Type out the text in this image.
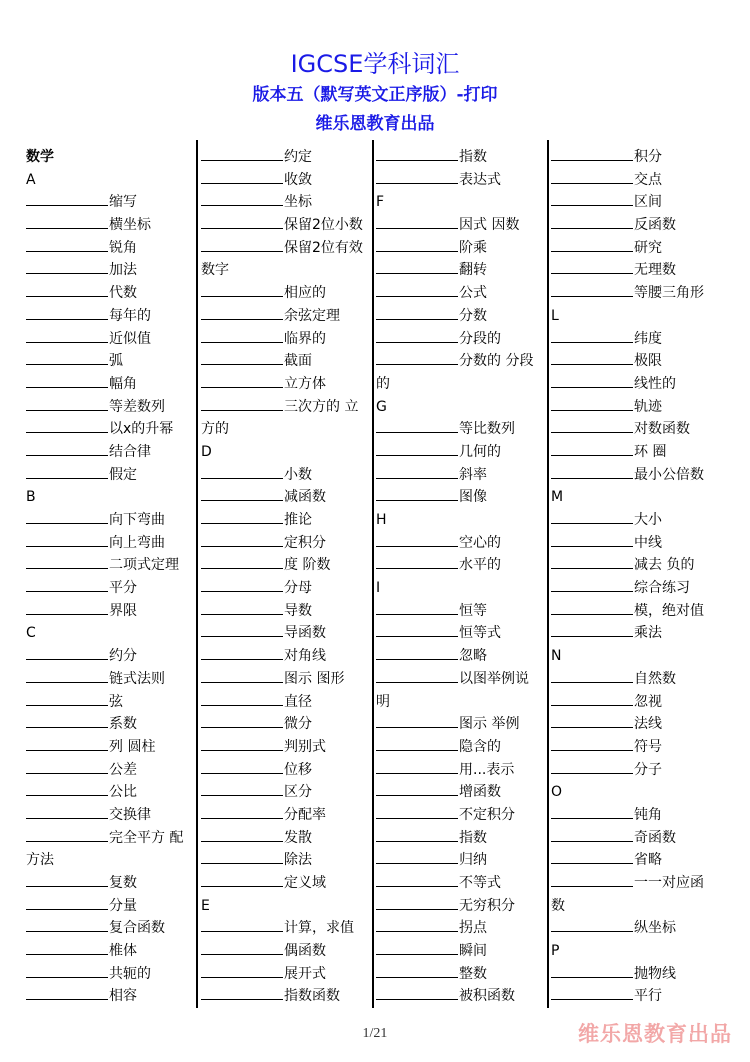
IGCSE学科词汇
版本五（默写英文正序版）-打印
维乐恩教育出品
数学
A
缩写
横坐标
锐角
加法
代数
每年的
近似值
弧
幅角
等差数列
以x的升幂
结合律
假定
B
向下弯曲
向上弯曲
二项式定理
平分
界限
C
约分
链式法则
弦
系数
列 圆柱
公差
公比
交换律
完全平方 配
方法
复数
分量
复合函数
椎体
共轭的
相容
约定
收敛
坐标
保留2位小数
保留2位有效
数字
相应的
余弦定理
临界的
截面
立方体
三次方的 立
方的
D
小数
减函数
推论
定积分
度 阶数
分母
导数
导函数
对角线
图示 图形
直径
微分
判别式
位移
区分
分配率
发散
除法
定义域
E
计算，求值
偶函数
展开式
指数函数
指数
表达式
F
因式 因数
阶乘
翻转
公式
分数
分段的
分数的 分段
的
G
等比数列
几何的
斜率
图像
H
空心的
水平的
I
恒等
恒等式
忽略
以图举例说
明
图示 举例
隐含的
用...表示
增函数
不定积分
指数
归纳
不等式
无穷积分
拐点
瞬间
整数
被积函数
积分
交点
区间
反函数
研究
无理数
等腰三角形
L
纬度
极限
线性的
轨迹
对数函数
环 圈
最小公倍数
M
大小
中线
减去 负的
综合练习
模，绝对值
乘法
N
自然数
忽视
法线
符号
分子
O
钝角
奇函数
省略
一一对应函
数
纵坐标
P
抛物线
平行
1/21	维乐恩教育出品
